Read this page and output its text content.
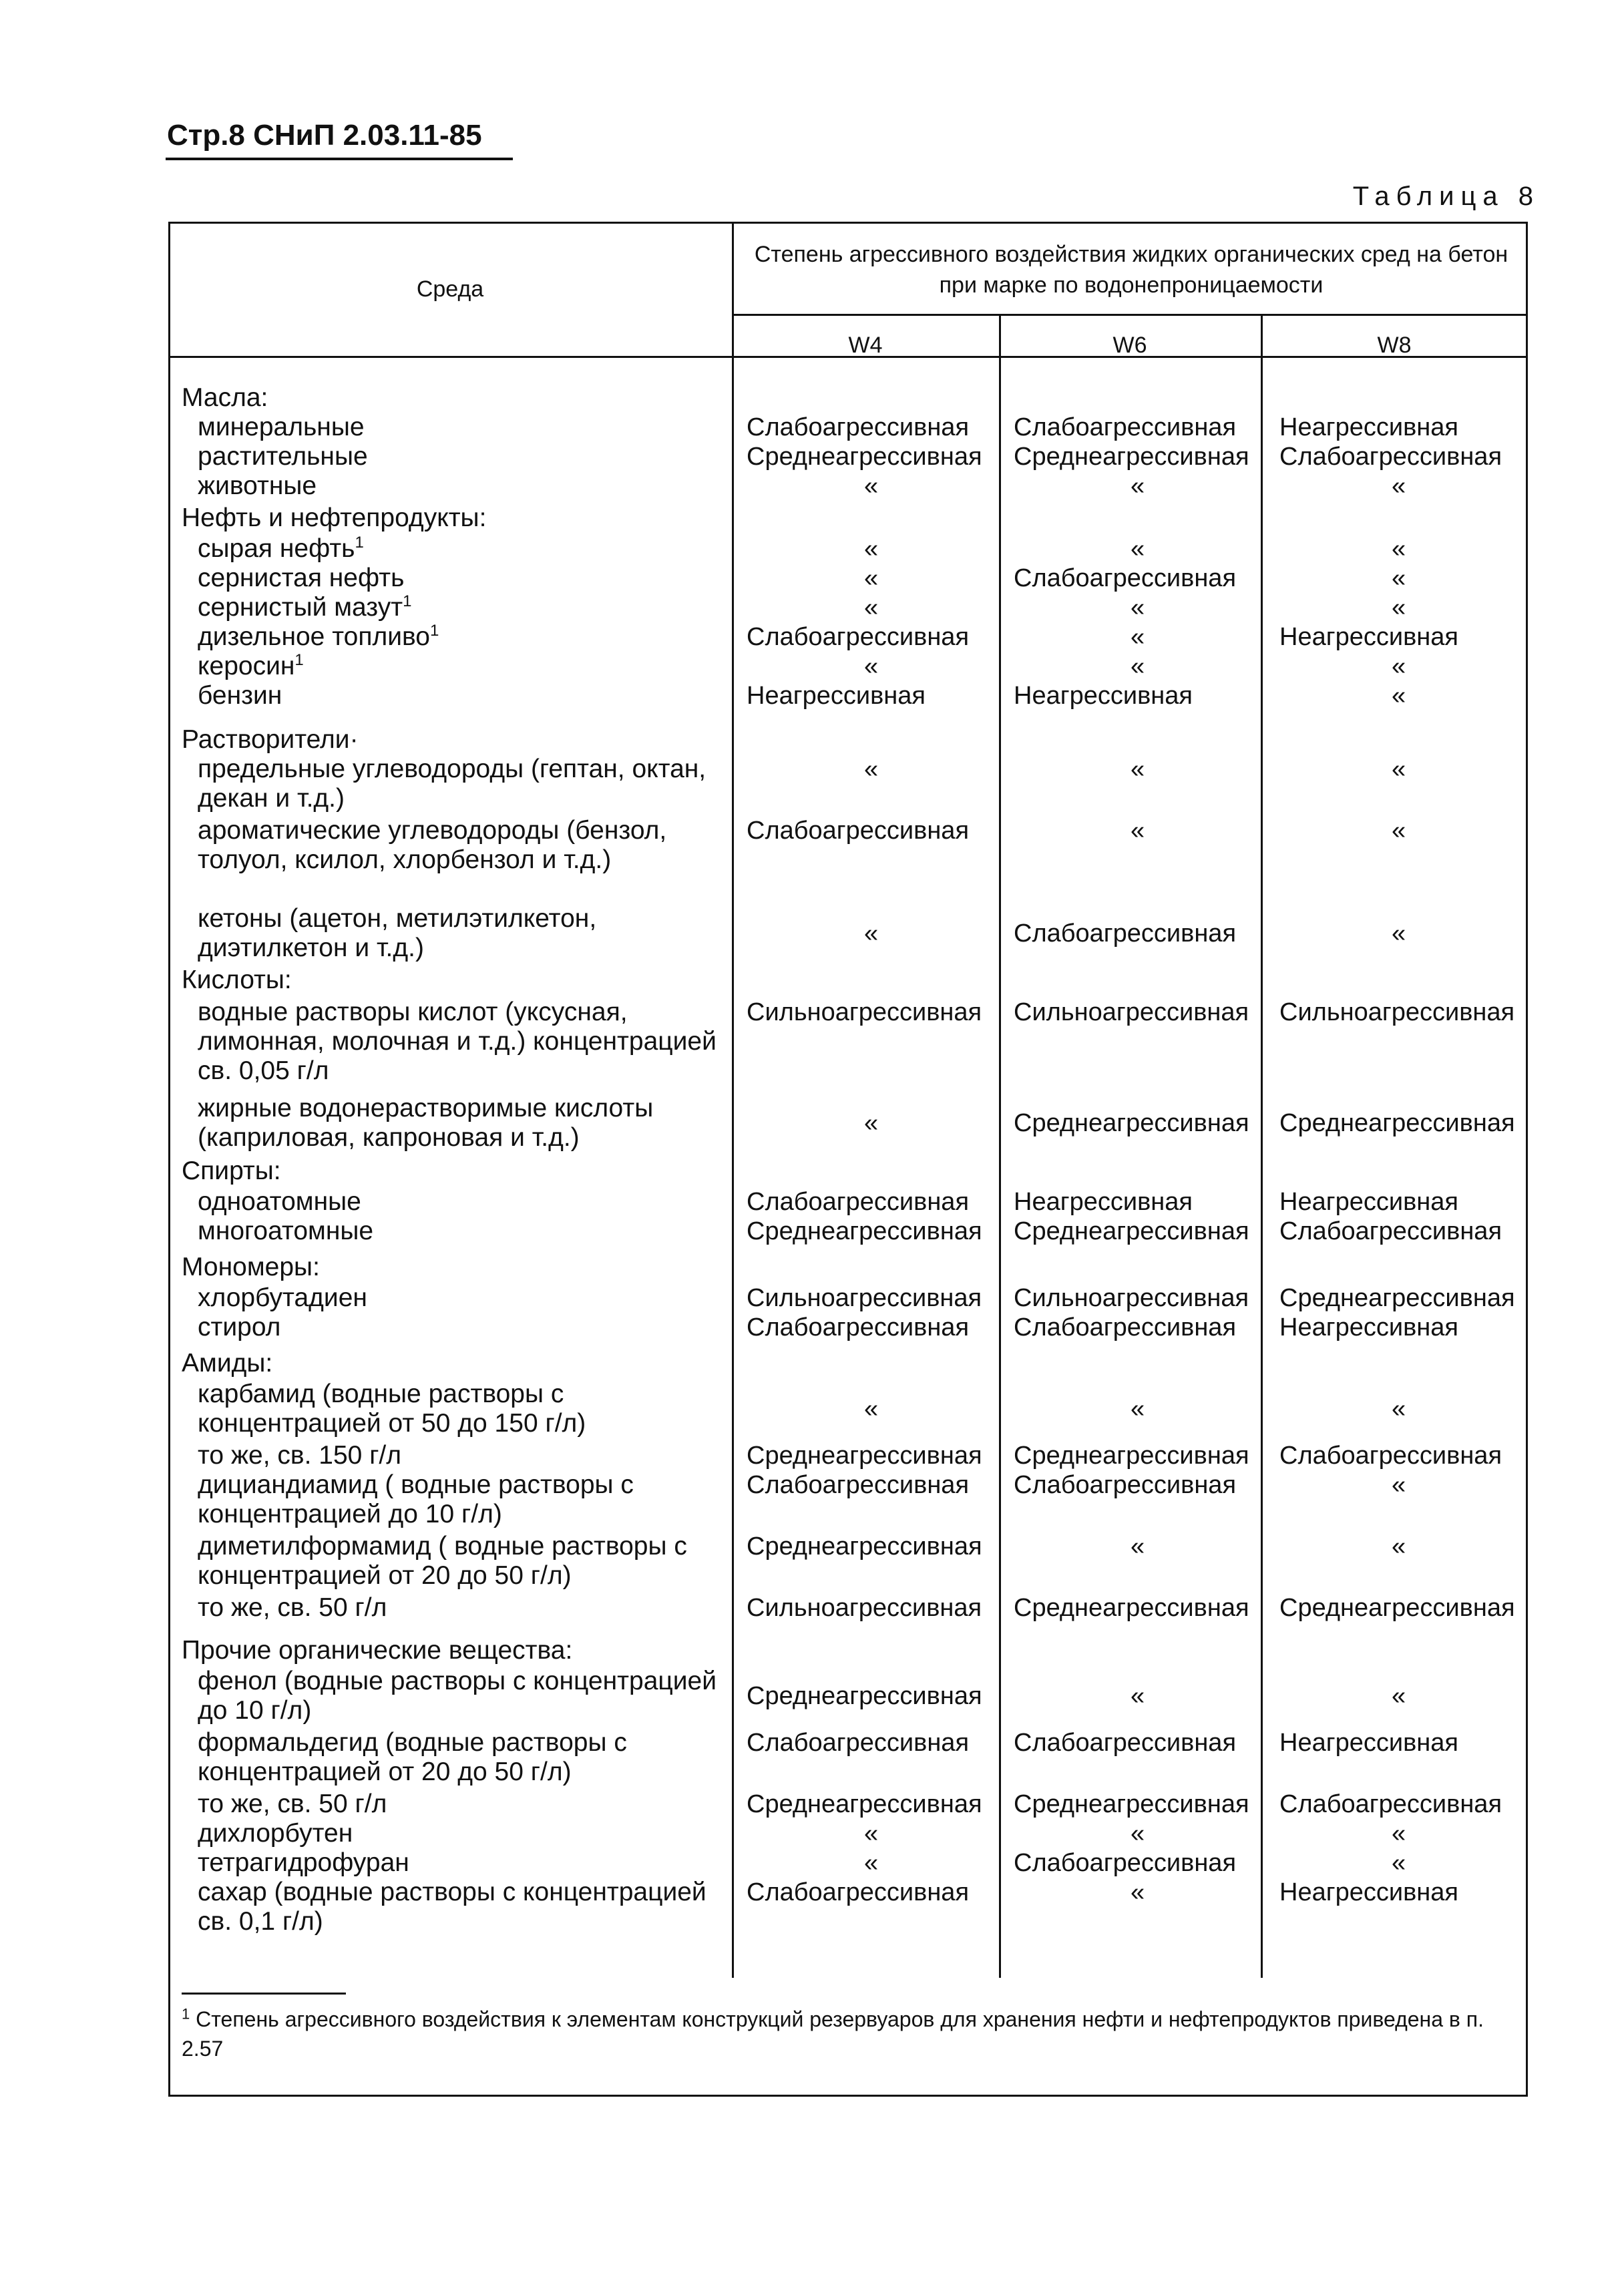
Стр.8 СНиП 2.03.11-85
Таблица 8
Среда
Степень агрессивного воздействия жидких органических сред на бетон при марке по водонепроницаемости
W4	W6	W8
Масла:
минеральные	Слабоагрессивная Слабоагрессивная Неагрессивная
растительные	Среднеагрессивная Среднеагрессивная Слабоагрессивная
животные	«	«	«
Нефть и нефтепродукты:
сырая нефть$^1$	«	«	«
сернистая нефть	«	Слабоагрессивная	«
сернистый мазут$^1$	«	«	«
дизельное топливо$^1$	Слабоагрессивная	«	Неагрессивная
керосин$^1$	«	«	«
бензин	Неагрессивная	Неагрессивная	«
Растворители·
предельные углеводороды (гептан, октан, декан и т.д.)
«	«	«
ароматические углеводороды (бензол, толуол, ксилол, хлорбензол и т.д.)
Слабоагрессивная	«	«
кетоны (ацетон, метилэтилкетон, диэтилкетон и т.д.)	«	Слабоагрессивная	«
Кислоты:
водные растворы кислот (уксусная, лимонная, молочная и т.д.) концентрацией св. 0,05 г/л
Сильноагрессивная Сильноагрессивная Сильноагрессивная
жирные водонерастворимые кислоты (каприловая, капроновая и т.д.)	«	Среднеагрессивная Среднеагрессивная
Спирты:
одноатомные	Слабоагрессивная Неагрессивная	Неагрессивная
многоатомные	Среднеагрессивная Среднеагрессивная Слабоагрессивная
Мономеры:
хлорбутадиен	Сильноагрессивная Сильноагрессивная Среднеагрессивная
стирол	Слабоагрессивная Слабоагрессивная Неагрессивная
Амиды:
карбамид (водные растворы с концентрацией от 50 до 150 г/л)	«	«	«
то же, св. 150 г/л	Среднеагрессивная Среднеагрессивная Слабоагрессивная
дициандиамид ( водные растворы с концентрацией до 10 г/л)
Слабоагрессивная Слабоагрессивная	«
диметилформамид ( водные растворы с концентрацией от 20 до 50 г/л)
Среднеагрессивная	«	«
то же, св. 50 г/л	Сильноагрессивная Среднеагрессивная Среднеагрессивная
Прочие органические вещества:
фенол (водные растворы с концентрацией до 10 г/л)	Среднеагрессивная	«	«
формальдегид (водные растворы с концентрацией от 20 до 50 г/л)
Слабоагрессивная Слабоагрессивная Неагрессивная
то же, св. 50 г/л	Среднеагрессивная Среднеагрессивная Слабоагрессивная
дихлорбутен	«	«	«
тетрагидрофуран	«	Слабоагрессивная	«
сахар (водные растворы с концентрацией св. 0,1 г/л)
Слабоагрессивная	«	Неагрессивная
$^1$ Степень агрессивного воздействия к элементам конструкций резервуаров для хранения нефти и нефтепродуктов приведена в п. 2.57
